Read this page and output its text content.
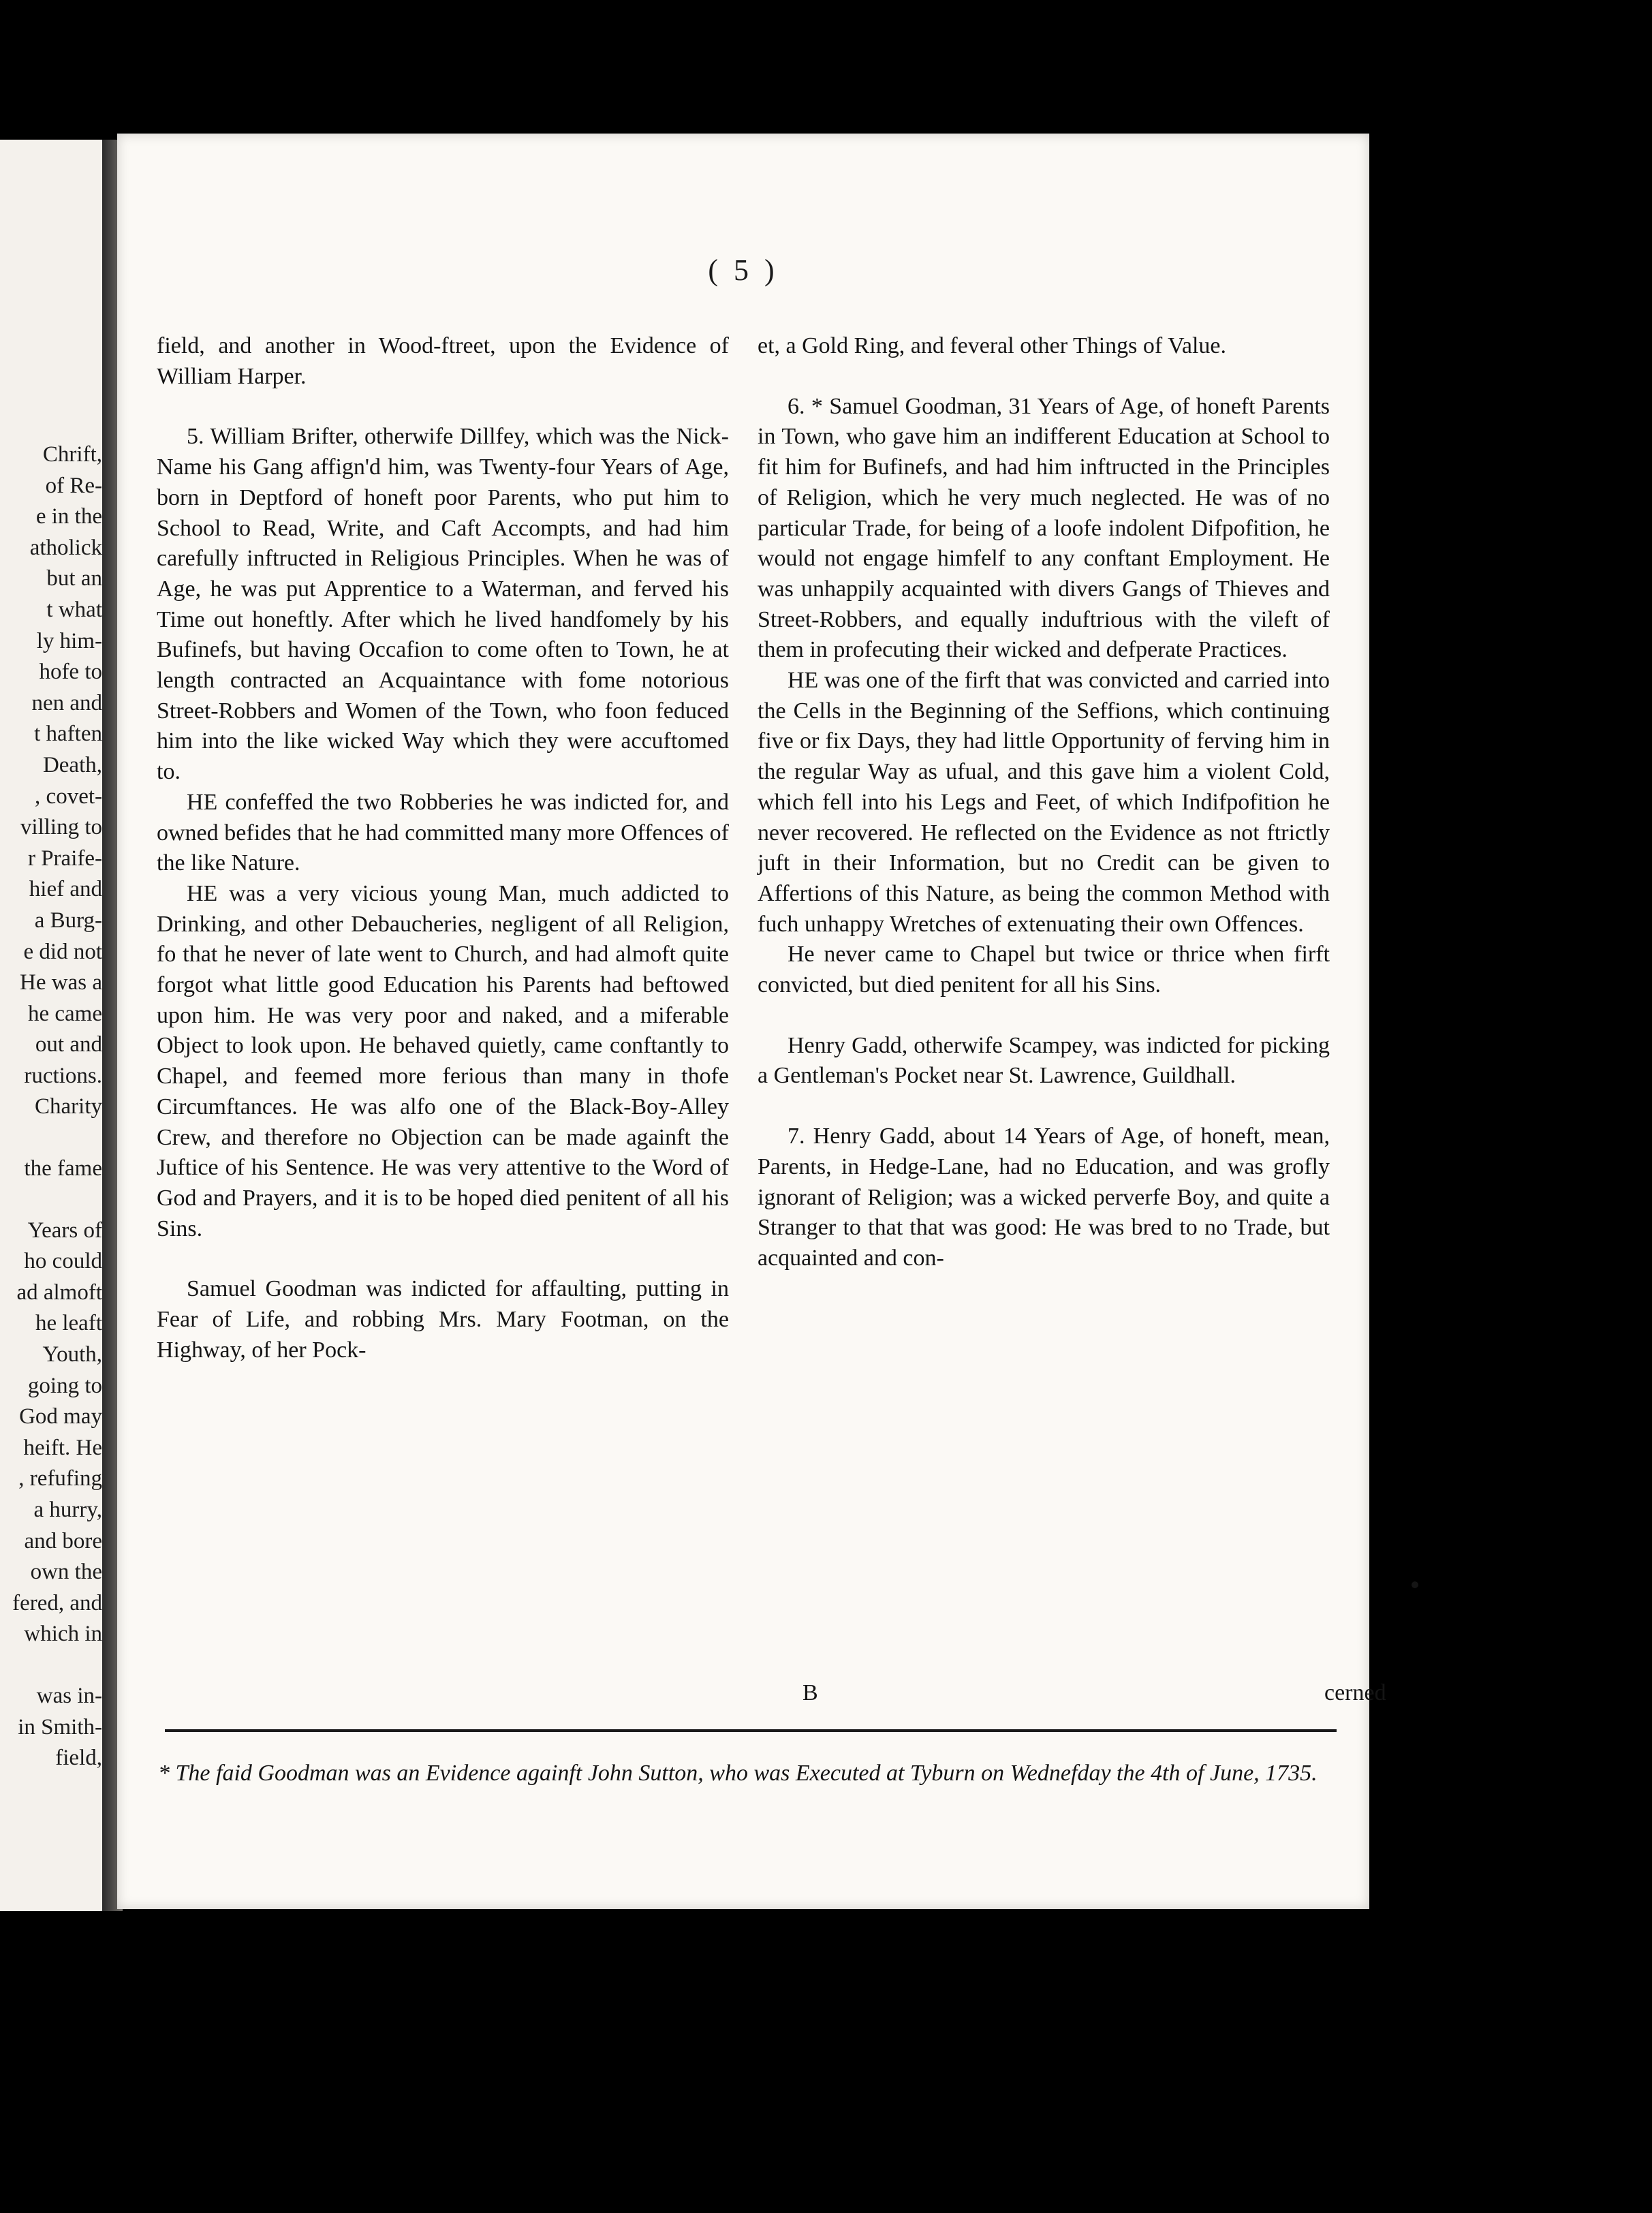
Chrift,
of Re-
e in the
atholick
but an
t what
ly him-
hofe to
nen and
t haften
Death,
, covet-
villing to
r Praife-
hief and
a Burg-
e did not
He was a
he came
out and
ructions.
Charity

the fame

Years of
ho could
ad almoft
he leaft
Youth,
going to
God may
heift. He
, refufing
a hurry,
and bore
own the
fered, and
which in

was in-
in Smith-
field,
( 5 )

field, and another in Wood-ftreet, upon the Evidence of William Harper.

5. William Brifter, otherwife Dillfey, which was the Nick-Name his Gang affign'd him, was Twenty-four Years of Age, born in Deptford of honeft poor Parents, who put him to School to Read, Write, and Caft Accompts, and had him carefully inftructed in Religious Principles. When he was of Age, he was put Apprentice to a Waterman, and ferved his Time out honeftly. After which he lived handfomely by his Bufinefs, but having Occafion to come often to Town, he at length contracted an Acquaintance with fome notorious Street-Robbers and Women of the Town, who foon feduced him into the like wicked Way which they were accuftomed to.

HE confeffed the two Robberies he was indicted for, and owned befides that he had committed many more Offences of the like Nature.

HE was a very vicious young Man, much addicted to Drinking, and other Debaucheries, negligent of all Religion, fo that he never of late went to Church, and had almoft quite forgot what little good Education his Parents had beftowed upon him. He was very poor and naked, and a miferable Object to look upon. He behaved quietly, came conftantly to Chapel, and feemed more ferious than many in thofe Circumftances. He was alfo one of the Black-Boy-Alley Crew, and therefore no Objection can be made againft the Juftice of his Sentence. He was very attentive to the Word of God and Prayers, and it is to be hoped died penitent of all his Sins.

Samuel Goodman was indicted for affaulting, putting in Fear of Life, and robbing Mrs. Mary Footman, on the Highway, of her Pock-

et, a Gold Ring, and feveral other Things of Value.

6. * Samuel Goodman, 31 Years of Age, of honeft Parents in Town, who gave him an indifferent Education at School to fit him for Bufinefs, and had him inftructed in the Principles of Religion, which he very much neglected. He was of no particular Trade, for being of a loofe indolent Difpofition, he would not engage himfelf to any conftant Employment. He was unhappily acquainted with divers Gangs of Thieves and Street-Robbers, and equally induftrious with the vileft of them in profecuting their wicked and defperate Practices.

HE was one of the firft that was convicted and carried into the Cells in the Beginning of the Seffions, which continuing five or fix Days, they had little Opportunity of ferving him in the regular Way as ufual, and this gave him a violent Cold, which fell into his Legs and Feet, of which Indifpofition he never recovered. He reflected on the Evidence as not ftrictly juft in their Information, but no Credit can be given to Affertions of this Nature, as being the common Method with fuch unhappy Wretches of extenuating their own Offences.

He never came to Chapel but twice or thrice when firft convicted, but died penitent for all his Sins.

Henry Gadd, otherwife Scampey, was indicted for picking a Gentleman's Pocket near St. Lawrence, Guildhall.

7. Henry Gadd, about 14 Years of Age, of honeft, mean, Parents, in Hedge-Lane, had no Education, and was grofly ignorant of Religion; was a wicked perverfe Boy, and quite a Stranger to that that was good: He was bred to no Trade, but acquainted and con-

B	cerned
* The faid Goodman was an Evidence againft John Sutton, who was Executed at Tyburn on Wednefday the 4th of June, 1735.
